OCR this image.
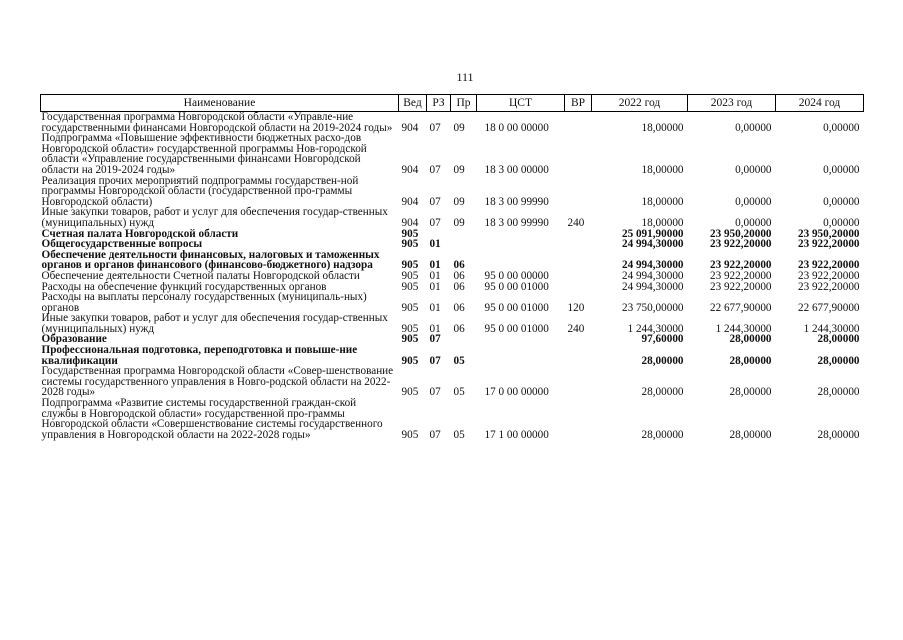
111
Наименование	Вед	РЗ	Пр	ЦСТ	ВР	2022 год	2023 год	2024 год
Государственная программа Новгородской области «Управле-ние государственными финансами Новгородской области на 2019-2024 годы»	904	07	09	18 0 00 00000		18,00000	0,00000	0,00000
Подпрограмма «Повышение эффективности бюджетных расхо-дов Новгородской области» государственной программы Нов-городской области «Управление государственными финансами Новгородской области на 2019-2024 годы»	904	07	09	18 3 00 00000		18,00000	0,00000	0,00000
Реализация прочих мероприятий подпрограммы государствен-ной программы Новгородской области (государственной про-граммы Новгородской области)	904	07	09	18 3 00 99990		18,00000	0,00000	0,00000
Иные закупки товаров, работ и услуг для обеспечения государ-ственных (муниципальных) нужд	904	07	09	18 3 00 99990	240	18,00000	0,00000	0,00000
Счетная палата Новгородской области	905					25 091,90000	23 950,20000	23 950,20000
Общегосударственные вопросы	905	01				24 994,30000	23 922,20000	23 922,20000
Обеспечение деятельности финансовых, налоговых и таможенных органов и органов финансового (финансово-бюджетного) надзора	905	01	06			24 994,30000	23 922,20000	23 922,20000
Обеспечение деятельности Счетной палаты Новгородской области	905	01	06	95 0 00 00000		24 994,30000	23 922,20000	23 922,20000
Расходы на обеспечение функций государственных органов	905	01	06	95 0 00 01000		24 994,30000	23 922,20000	23 922,20000
Расходы на выплаты персоналу государственных (муниципаль-ных) органов	905	01	06	95 0 00 01000	120	23 750,00000	22 677,90000	22 677,90000
Иные закупки товаров, работ и услуг для обеспечения государ-ственных (муниципальных) нужд	905	01	06	95 0 00 01000	240	1 244,30000	1 244,30000	1 244,30000
Образование	905	07				97,60000	28,00000	28,00000
Профессиональная подготовка, переподготовка и повыше-ние квалификации	905	07	05			28,00000	28,00000	28,00000
Государственная программа Новгородской области «Совер-шенствование системы государственного управления в Новго-родской области на 2022-2028 годы»	905	07	05	17 0 00 00000		28,00000	28,00000	28,00000
Подпрограмма «Развитие системы государственной граждан-ской службы в Новгородской области» государственной про-граммы Новгородской области «Совершенствование системы государственного управления в Новгородской области на 2022-2028 годы»	905	07	05	17 1 00 00000		28,00000	28,00000	28,00000
